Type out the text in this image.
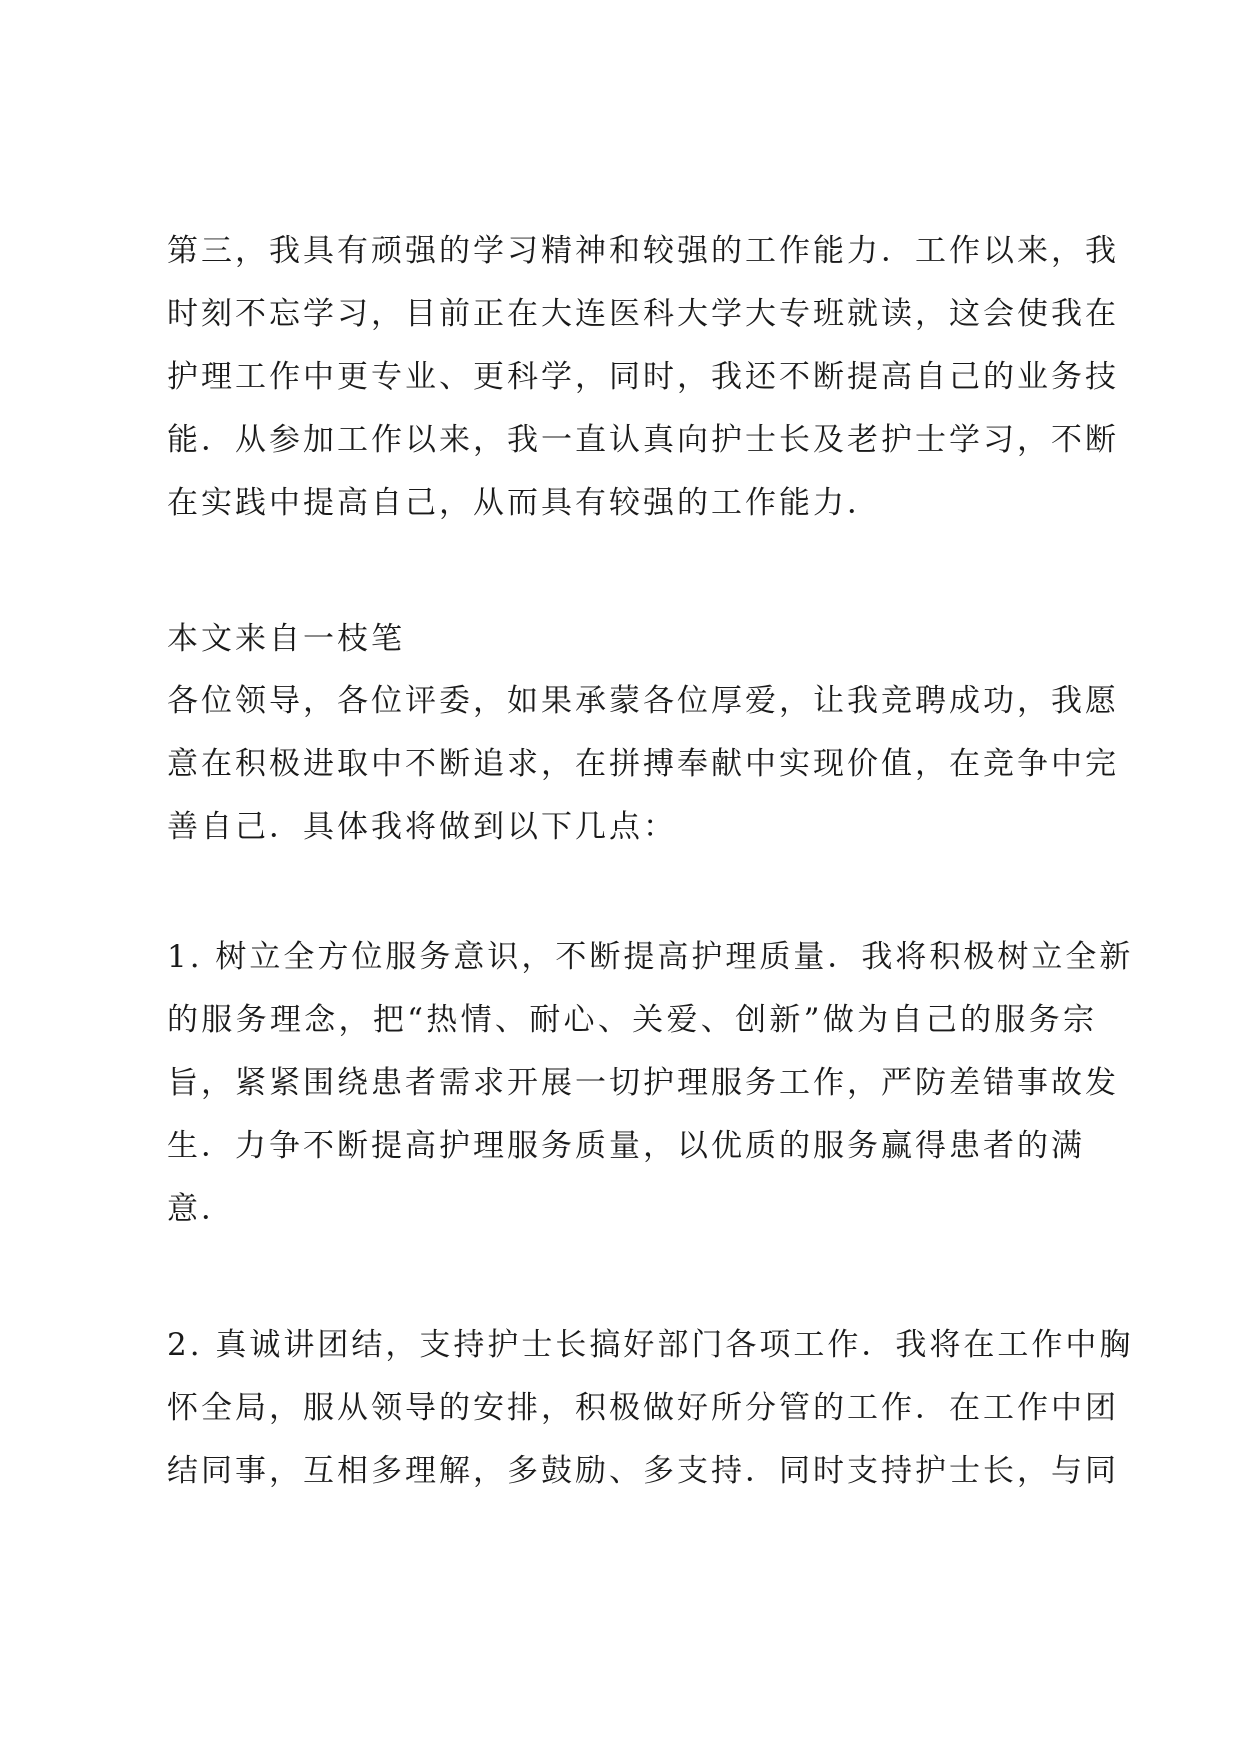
第三，我具有顽强的学习精神和较强的工作能力．工作以来，我
时刻不忘学习，目前正在大连医科大学大专班就读，这会使我在
护理工作中更专业、更科学，同时，我还不断提高自己的业务技
能．从参加工作以来，我一直认真向护士长及老护士学习，不断
在实践中提高自己，从而具有较强的工作能力．
本文来自一枝笔
各位领导，各位评委，如果承蒙各位厚爱，让我竞聘成功，我愿
意在积极进取中不断追求，在拼搏奉献中实现价值，在竞争中完
善自己．具体我将做到以下几点：
1. 树立全方位服务意识，不断提高护理质量．我将积极树立全新
的服务理念，把“热情、耐心、关爱、创新”做为自己的服务宗
旨，紧紧围绕患者需求开展一切护理服务工作，严防差错事故发
生．力争不断提高护理服务质量，以优质的服务赢得患者的满
意．
2. 真诚讲团结，支持护士长搞好部门各项工作．我将在工作中胸
怀全局，服从领导的安排，积极做好所分管的工作．在工作中团
结同事，互相多理解，多鼓励、多支持．同时支持护士长，与同
